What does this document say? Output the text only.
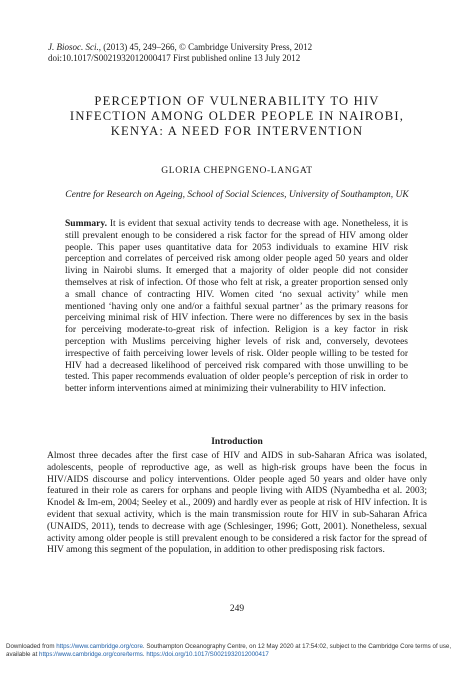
J. Biosoc. Sci., (2013) 45, 249–266, © Cambridge University Press, 2012
doi:10.1017/S0021932012000417 First published online 13 July 2012
PERCEPTION OF VULNERABILITY TO HIV
INFECTION AMONG OLDER PEOPLE IN NAIROBI,
KENYA: A NEED FOR INTERVENTION
GLORIA CHEPNGENO-LANGAT
Centre for Research on Ageing, School of Social Sciences, University of Southampton, UK
Summary. It is evident that sexual activity tends to decrease with age. Nonetheless, it is still prevalent enough to be considered a risk factor for the spread of HIV among older people. This paper uses quantitative data for 2053 individuals to examine HIV risk perception and correlates of perceived risk among older people aged 50 years and older living in Nairobi slums. It emerged that a majority of older people did not consider themselves at risk of infection. Of those who felt at risk, a greater proportion sensed only a small chance of contracting HIV. Women cited ‘no sexual activity’ while men mentioned ‘having only one and/or a faithful sexual partner’ as the primary reasons for perceiving minimal risk of HIV infection. There were no differences by sex in the basis for perceiving moderate-to-great risk of infection. Religion is a key factor in risk perception with Muslims perceiving higher levels of risk and, conversely, devotees irrespective of faith perceiving lower levels of risk. Older people willing to be tested for HIV had a decreased likelihood of perceived risk compared with those unwilling to be tested. This paper recommends evaluation of older people’s perception of risk in order to better inform interventions aimed at minimizing their vulnerability to HIV infection.
Introduction
Almost three decades after the first case of HIV and AIDS in sub-Saharan Africa was isolated, adolescents, people of reproductive age, as well as high-risk groups have been the focus in HIV/AIDS discourse and policy interventions. Older people aged 50 years and older have only featured in their role as carers for orphans and people living with AIDS (Nyambedha et al. 2003; Knodel & Im-em, 2004; Seeley et al., 2009) and hardly ever as people at risk of HIV infection. It is evident that sexual activity, which is the main transmission route for HIV in sub-Saharan Africa (UNAIDS, 2011), tends to decrease with age (Schlesinger, 1996; Gott, 2001). Nonetheless, sexual activity among older people is still prevalent enough to be considered a risk factor for the spread of HIV among this segment of the population, in addition to other predisposing risk factors.
249
Downloaded from https://www.cambridge.org/core. Southampton Oceanography Centre, on 12 May 2020 at 17:54:02, subject to the Cambridge Core terms of use,
available at https://www.cambridge.org/core/terms. https://doi.org/10.1017/S0021932012000417
